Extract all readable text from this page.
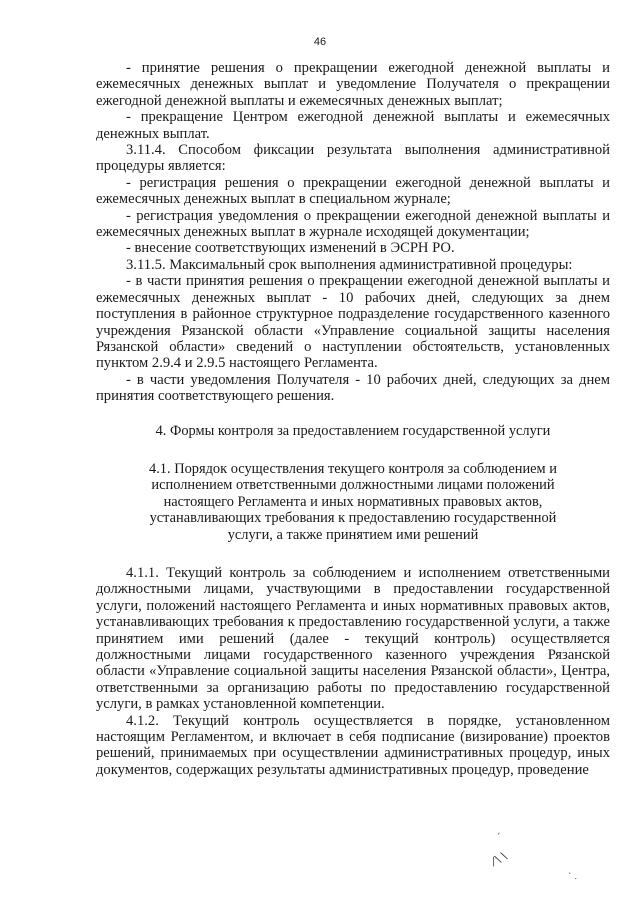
46

- принятие решения о прекращении ежегодной денежной выплаты и ежемесячных денежных выплат и уведомление Получателя о прекращении ежегодной денежной выплаты и ежемесячных денежных выплат;

- прекращение Центром ежегодной денежной выплаты и ежемесячных денежных выплат.

3.11.4. Способом фиксации результата выполнения административной процедуры является:

- регистрация решения о прекращении ежегодной денежной выплаты и ежемесячных денежных выплат в специальном журнале;

- регистрация уведомления о прекращении ежегодной денежной выплаты и ежемесячных денежных выплат в журнале исходящей документации;

- внесение соответствующих изменений в ЭСРН РО.

3.11.5. Максимальный срок выполнения административной процедуры:

- в части принятия решения о прекращении ежегодной денежной выплаты и ежемесячных денежных выплат - 10 рабочих дней, следующих за днем поступления в районное структурное подразделение государственного казенного учреждения Рязанской области «Управление социальной защиты населения Рязанской области» сведений о наступлении обстоятельств, установленных пунктом 2.9.4 и 2.9.5 настоящего Регламента.

- в части уведомления Получателя - 10 рабочих дней, следующих за днем принятия соответствующего решения.

4. Формы контроля за предоставлением государственной услуги

4.1. Порядок осуществления текущего контроля за соблюдением и

исполнением ответственными должностными лицами положений

настоящего Регламента и иных нормативных правовых актов,

устанавливающих требования к предоставлению государственной

услуги, а также принятием ими решений

4.1.1. Текущий контроль за соблюдением и исполнением ответственными должностными лицами, участвующими в предоставлении государственной услуги, положений настоящего Регламента и иных нормативных правовых актов, устанавливающих требования к предоставлению государственной услуги, а также принятием ими решений (далее - текущий контроль) осуществляется должностными лицами государственного казенного учреждения Рязанской области «Управление социальной защиты населения Рязанской области», Центра, ответственными за организацию работы по предоставлению государственной услуги, в рамках установленной компетенции.

4.1.2. Текущий контроль осуществляется в порядке, установленном настоящим Регламентом, и включает в себя подписание (визирование) проектов решений, принимаемых при осуществлении административных процедур, иных документов, содержащих результаты административных процедур, проведение

ˊ
⁄∖∖
ˋ .
